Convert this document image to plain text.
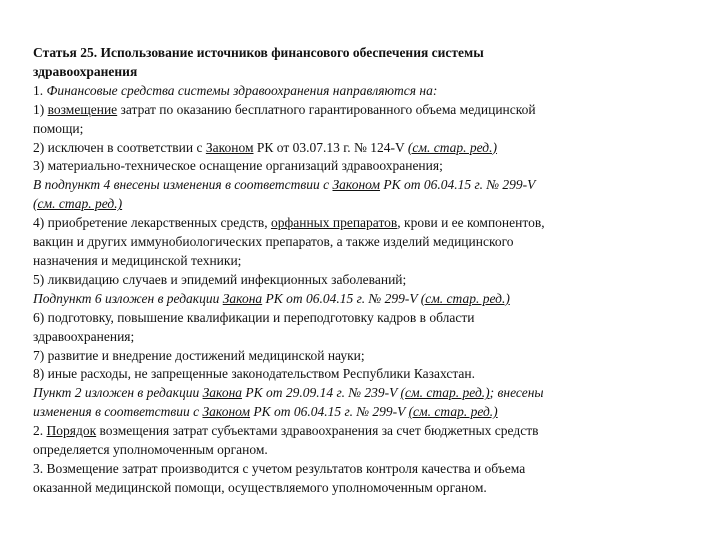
Статья 25. Использование источников финансового обеспечения системы
здравоохранения
1. Финансовые средства системы здравоохранения направляются на:
1) возмещение затрат по оказанию бесплатного гарантированного объема медицинской
помощи;
2) исключен в соответствии с Законом РК от 03.07.13 г. № 124-V (см. стар. ред.)
3) материально-техническое оснащение организаций здравоохранения;
В подпункт 4 внесены изменения в соответствии с Законом РК от 06.04.15 г. № 299-V
(см. стар. ред.)
4) приобретение лекарственных средств, орфанных препаратов, крови и ее компонентов,
вакцин и других иммунобиологических препаратов, а также изделий медицинского
назначения и медицинской техники;
5) ликвидацию случаев и эпидемий инфекционных заболеваний;
Подпункт 6 изложен в редакции Закона РК от 06.04.15 г. № 299-V (см. стар. ред.)
6) подготовку, повышение квалификации и переподготовку кадров в области
здравоохранения;
7) развитие и внедрение достижений медицинской науки;
8) иные расходы, не запрещенные законодательством Республики Казахстан.
Пункт 2 изложен в редакции Закона РК от 29.09.14 г. № 239-V (см. стар. ред.); внесены
изменения в соответствии с Законом РК от 06.04.15 г. № 299-V (см. стар. ред.)
2. Порядок возмещения затрат субъектами здравоохранения за счет бюджетных средств
определяется уполномоченным органом.
3. Возмещение затрат производится с учетом результатов контроля качества и объема
оказанной медицинской помощи, осуществляемого уполномоченным органом.
